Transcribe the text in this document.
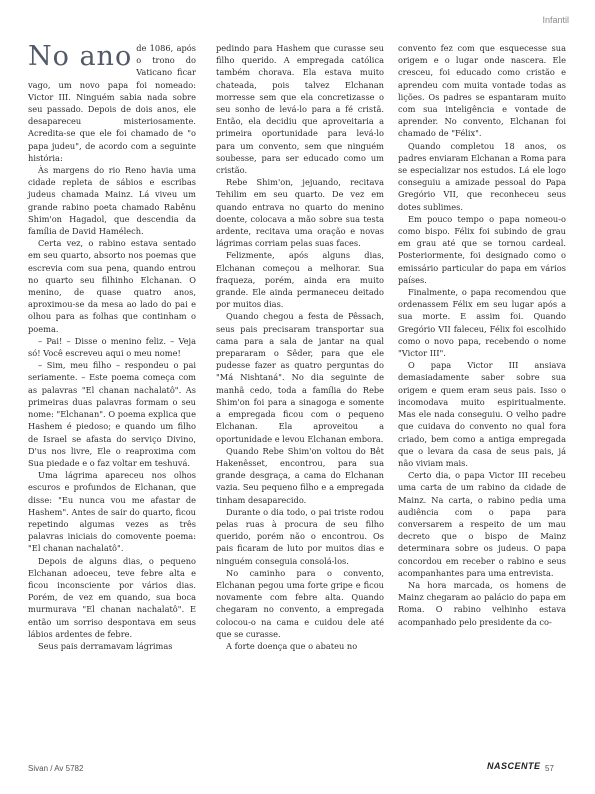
Infantil

No ano de 1086, após o trono do Vaticano ficar vago, um novo papa foi nomeado: Victor III. Ninguém sabia nada sobre seu passado. Depois de dois anos, ele desapareceu misteriosamente. Acredita-se que ele foi chamado de "o papa judeu", de acordo com a seguinte história:

Às margens do rio Reno havia uma cidade repleta de sábios e escribas judeus chamada Mainz. Lá viveu um grande rabino poeta chamado Rabênu Shim'on Hagadol, que descendia da família de David Hamélech.

Certa vez, o rabino estava sentado em seu quarto, absorto nos poemas que escrevia com sua pena, quando entrou no quarto seu filhinho Elchanan. O menino, de quase quatro anos, aproximou-se da mesa ao lado do pai e olhou para as folhas que continham o poema.

– Pai! – Disse o menino feliz. – Veja só! Você escreveu aqui o meu nome!

– Sim, meu filho – respondeu o pai seriamente. – Este poema começa com as palavras "El chanan nachalatô". As primeiras duas palavras formam o seu nome: "Elchanan". O poema explica que Hashem é piedoso; e quando um filho de Israel se afasta do serviço Divino, D'us nos livre, Ele o reaproxima com Sua piedade e o faz voltar em teshuvá.

Uma lágrima apareceu nos olhos escuros e profundos de Elchanan, que disse: "Eu nunca vou me afastar de Hashem". Antes de sair do quarto, ficou repetindo algumas vezes as três palavras iniciais do comovente poema: "El chanan nachalatô".

Depois de alguns dias, o pequeno Elchanan adoeceu, teve febre alta e ficou inconsciente por vários dias. Porém, de vez em quando, sua boca murmurava "El chanan nachalatô". E então um sorriso despontava em seus lábios ardentes de febre.

Seus pais derramavam lágrimas

pedindo para Hashem que curasse seu filho querido. A empregada católica também chorava. Ela estava muito chateada, pois talvez Elchanan morresse sem que ela concretizasse o seu sonho de levá-lo para a fé cristã. Então, ela decidiu que aproveitaria a primeira oportunidade para levá-lo para um convento, sem que ninguém soubesse, para ser educado como um cristão.

Rebe Shim'on, jejuando, recitava Tehilim em seu quarto. De vez em quando entrava no quarto do menino doente, colocava a mão sobre sua testa ardente, recitava uma oração e novas lágrimas corriam pelas suas faces.

Felizmente, após alguns dias, Elchanan começou a melhorar. Sua fraqueza, porém, ainda era muito grande. Ele ainda permaneceu deitado por muitos dias.

Quando chegou a festa de Pêssach, seus pais precisaram transportar sua cama para a sala de jantar na qual prepararam o Sêder, para que ele pudesse fazer as quatro perguntas do "Má Nishtaná". No dia seguinte de manhã cedo, toda a família do Rebe Shim'on foi para a sinagoga e somente a empregada ficou com o pequeno Elchanan. Ela aproveitou a oportunidade e levou Elchanan embora.

Quando Rebe Shim'on voltou do Bêt Hakenêsset, encontrou, para sua grande desgraça, a cama do Elchanan vazia. Seu pequeno filho e a empregada tinham desaparecido.

Durante o dia todo, o pai triste rodou pelas ruas à procura de seu filho querido, porém não o encontrou. Os pais ficaram de luto por muitos dias e ninguém conseguia consolá-los.

No caminho para o convento, Elchanan pegou uma forte gripe e ficou novamente com febre alta. Quando chegaram no convento, a empregada colocou-o na cama e cuidou dele até que se curasse.

A forte doença que o abateu no

convento fez com que esquecesse sua origem e o lugar onde nascera. Ele cresceu, foi educado como cristão e aprendeu com muita vontade todas as lições. Os padres se espantaram muito com sua inteligência e vontade de aprender. No convento, Elchanan foi chamado de "Félix".

Quando completou 18 anos, os padres enviaram Elchanan a Roma para se especializar nos estudos. Lá ele logo conseguiu a amizade pessoal do Papa Gregório VII, que reconheceu seus dotes sublimes.

Em pouco tempo o papa nomeou-o como bispo. Félix foi subindo de grau em grau até que se tornou cardeal. Posteriormente, foi designado como o emissário particular do papa em vários países.

Finalmente, o papa recomendou que ordenassem Félix em seu lugar após a sua morte. E assim foi. Quando Gregório VII faleceu, Félix foi escolhido como o novo papa, recebendo o nome "Victor III".

O papa Victor III ansiava demasiadamente saber sobre sua origem e quem eram seus pais. Isso o incomodava muito espiritualmente. Mas ele nada conseguiu. O velho padre que cuidava do convento no qual fora criado, bem como a antiga empregada que o levara da casa de seus pais, já não viviam mais.

Certo dia, o papa Victor III recebeu uma carta de um rabino da cidade de Mainz. Na carta, o rabino pedia uma audiência com o papa para conversarem a respeito de um mau decreto que o bispo de Mainz determinara sobre os judeus. O papa concordou em receber o rabino e seus acompanhantes para uma entrevista.

Na hora marcada, os homens de Mainz chegaram ao palácio do papa em Roma. O rabino velhinho estava acompanhado pelo presidente da co-

Sivan / Av 5782	NASCENTE 57
